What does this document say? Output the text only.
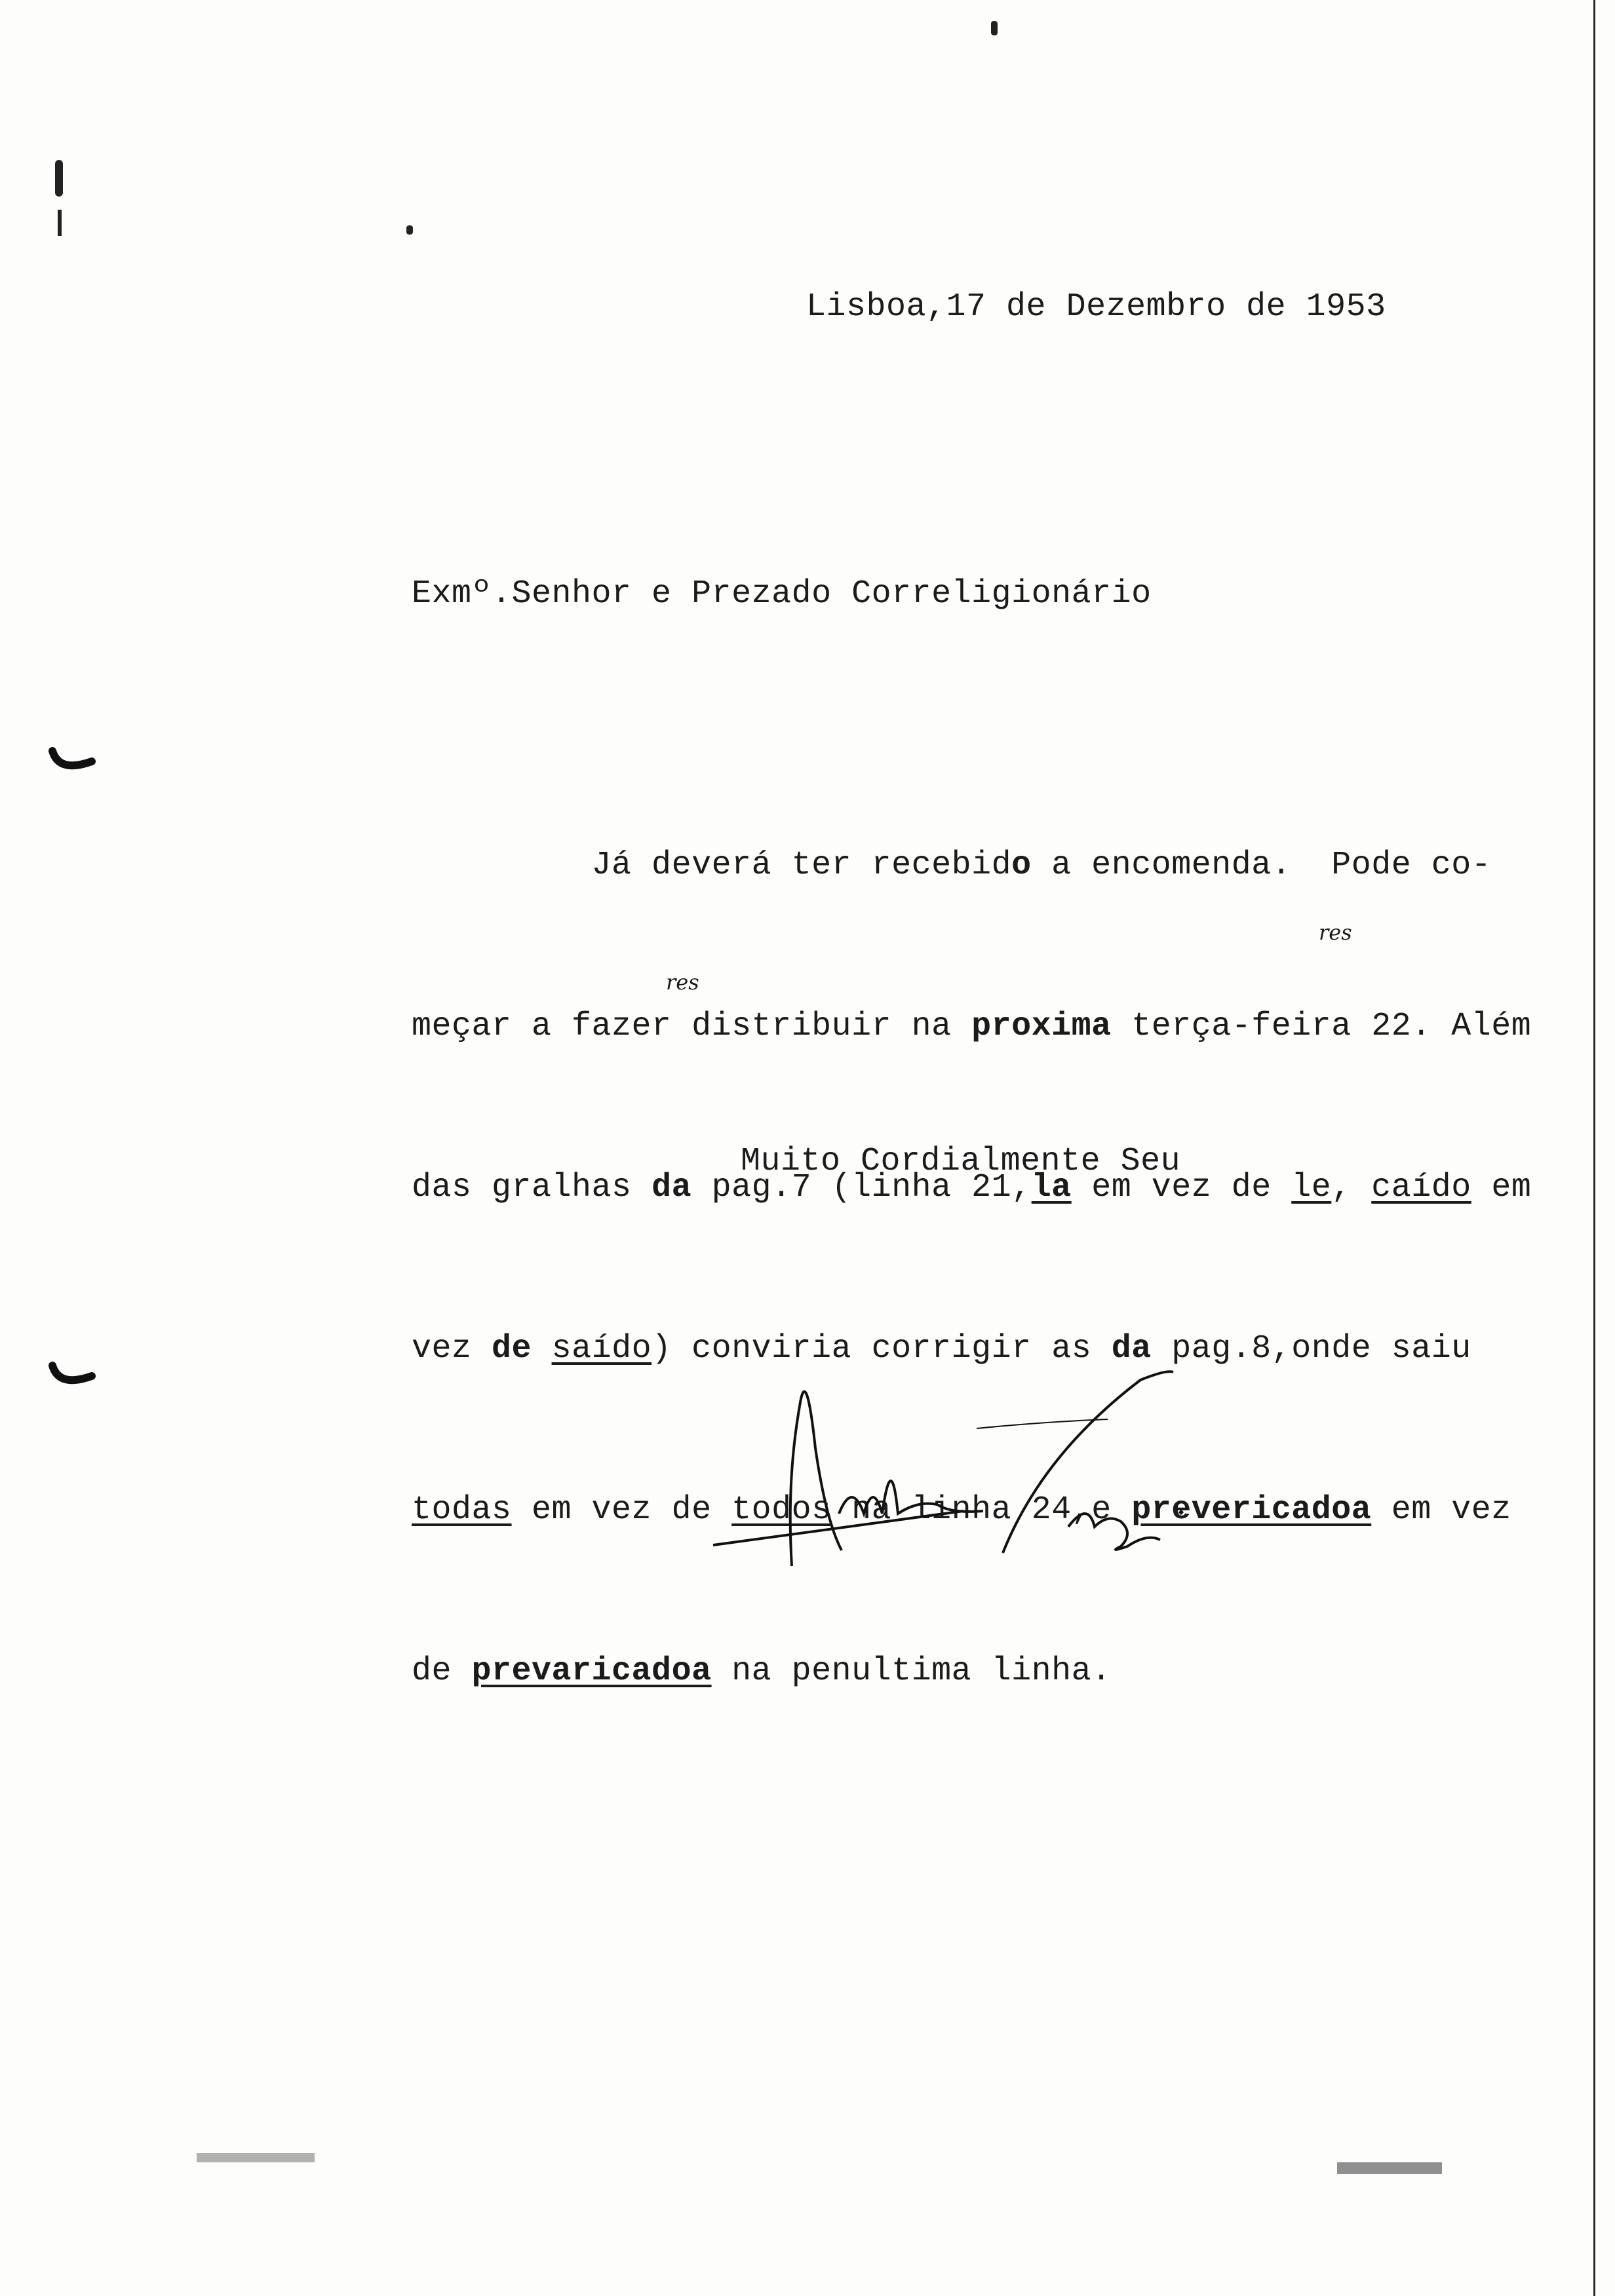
Lisboa,17 de Dezembro de 1953
Exmº.Senhor e Prezado Correligionário

Já deverá ter recebido a encomenda.  Pode co-

meçar a fazer distribuir na proxima terça-feira 22. Além

das gralhas da pag.7 (linha 21,la em vez de le, caído em

vez de saído) conviria corrigir as da pag.8,onde saiu

todas em vez de todos na linha 24,e prevericadoa em vez

de prevaricadoa na penultima linha.

res
res
Muito Cordialmente Seu
